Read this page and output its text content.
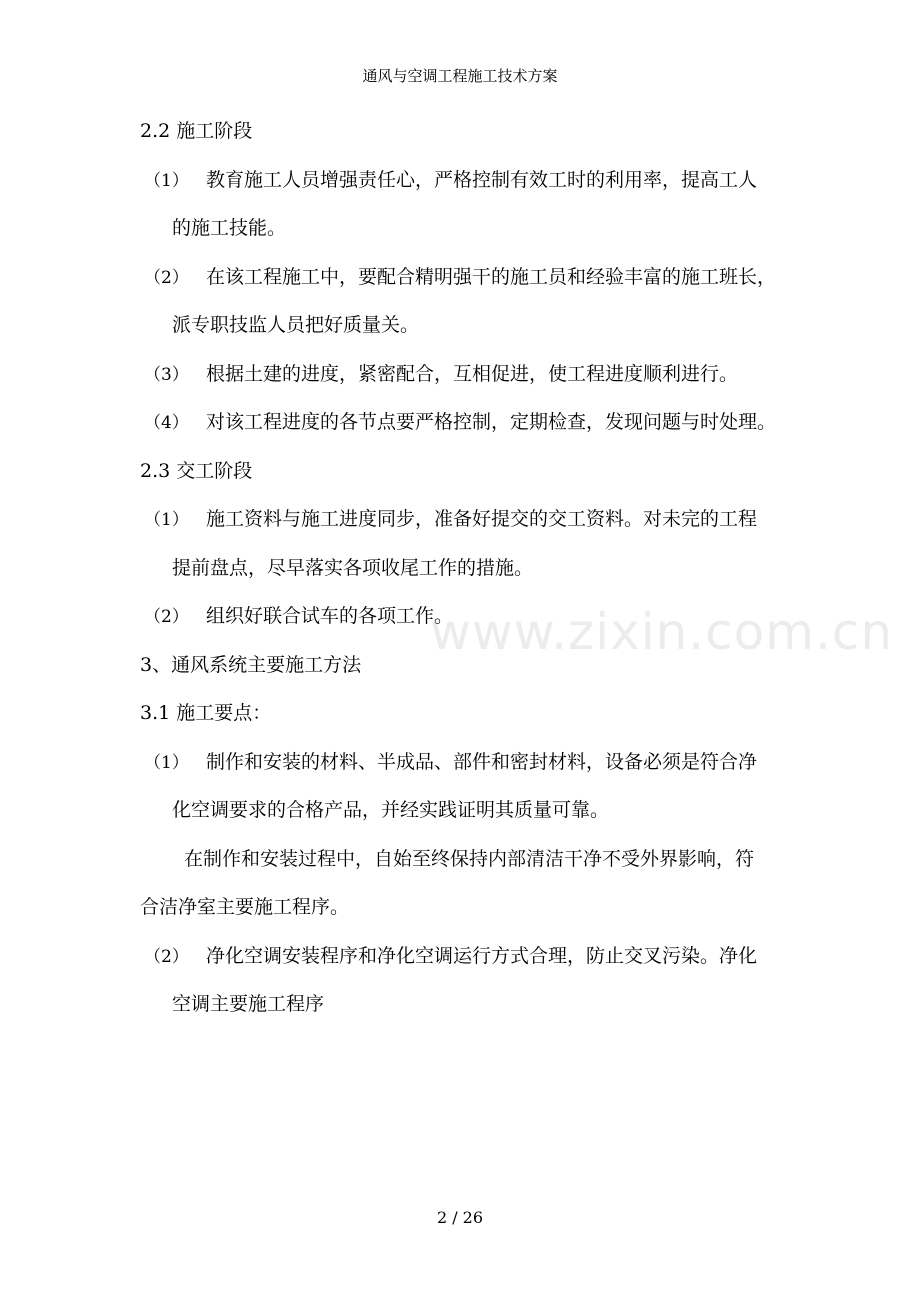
通风与空调工程施工技术方案
2.2 施工阶段
（1） 教育施工人员增强责任心，严格控制有效工时的利用率，提高工人
的施工技能。
（2） 在该工程施工中，要配合精明强干的施工员和经验丰富的施工班长，
派专职技监人员把好质量关。
（3） 根据土建的进度，紧密配合，互相促进，使工程进度顺利进行。
（4） 对该工程进度的各节点要严格控制，定期检查，发现问题与时处理。
2.3 交工阶段
（1） 施工资料与施工进度同步，准备好提交的交工资料。对未完的工程
提前盘点，尽早落实各项收尾工作的措施。
（2） 组织好联合试车的各项工作。
3、通风系统主要施工方法
3.1 施工要点：
（1） 制作和安装的材料、半成品、部件和密封材料，设备必须是符合净
化空调要求的合格产品，并经实践证明其质量可靠。
在制作和安装过程中，自始至终保持内部清洁干净不受外界影响，符
合洁净室主要施工程序。
（2） 净化空调安装程序和净化空调运行方式合理，防止交叉污染。净化
空调主要施工程序
www.zixin.com.cn
2 / 26
